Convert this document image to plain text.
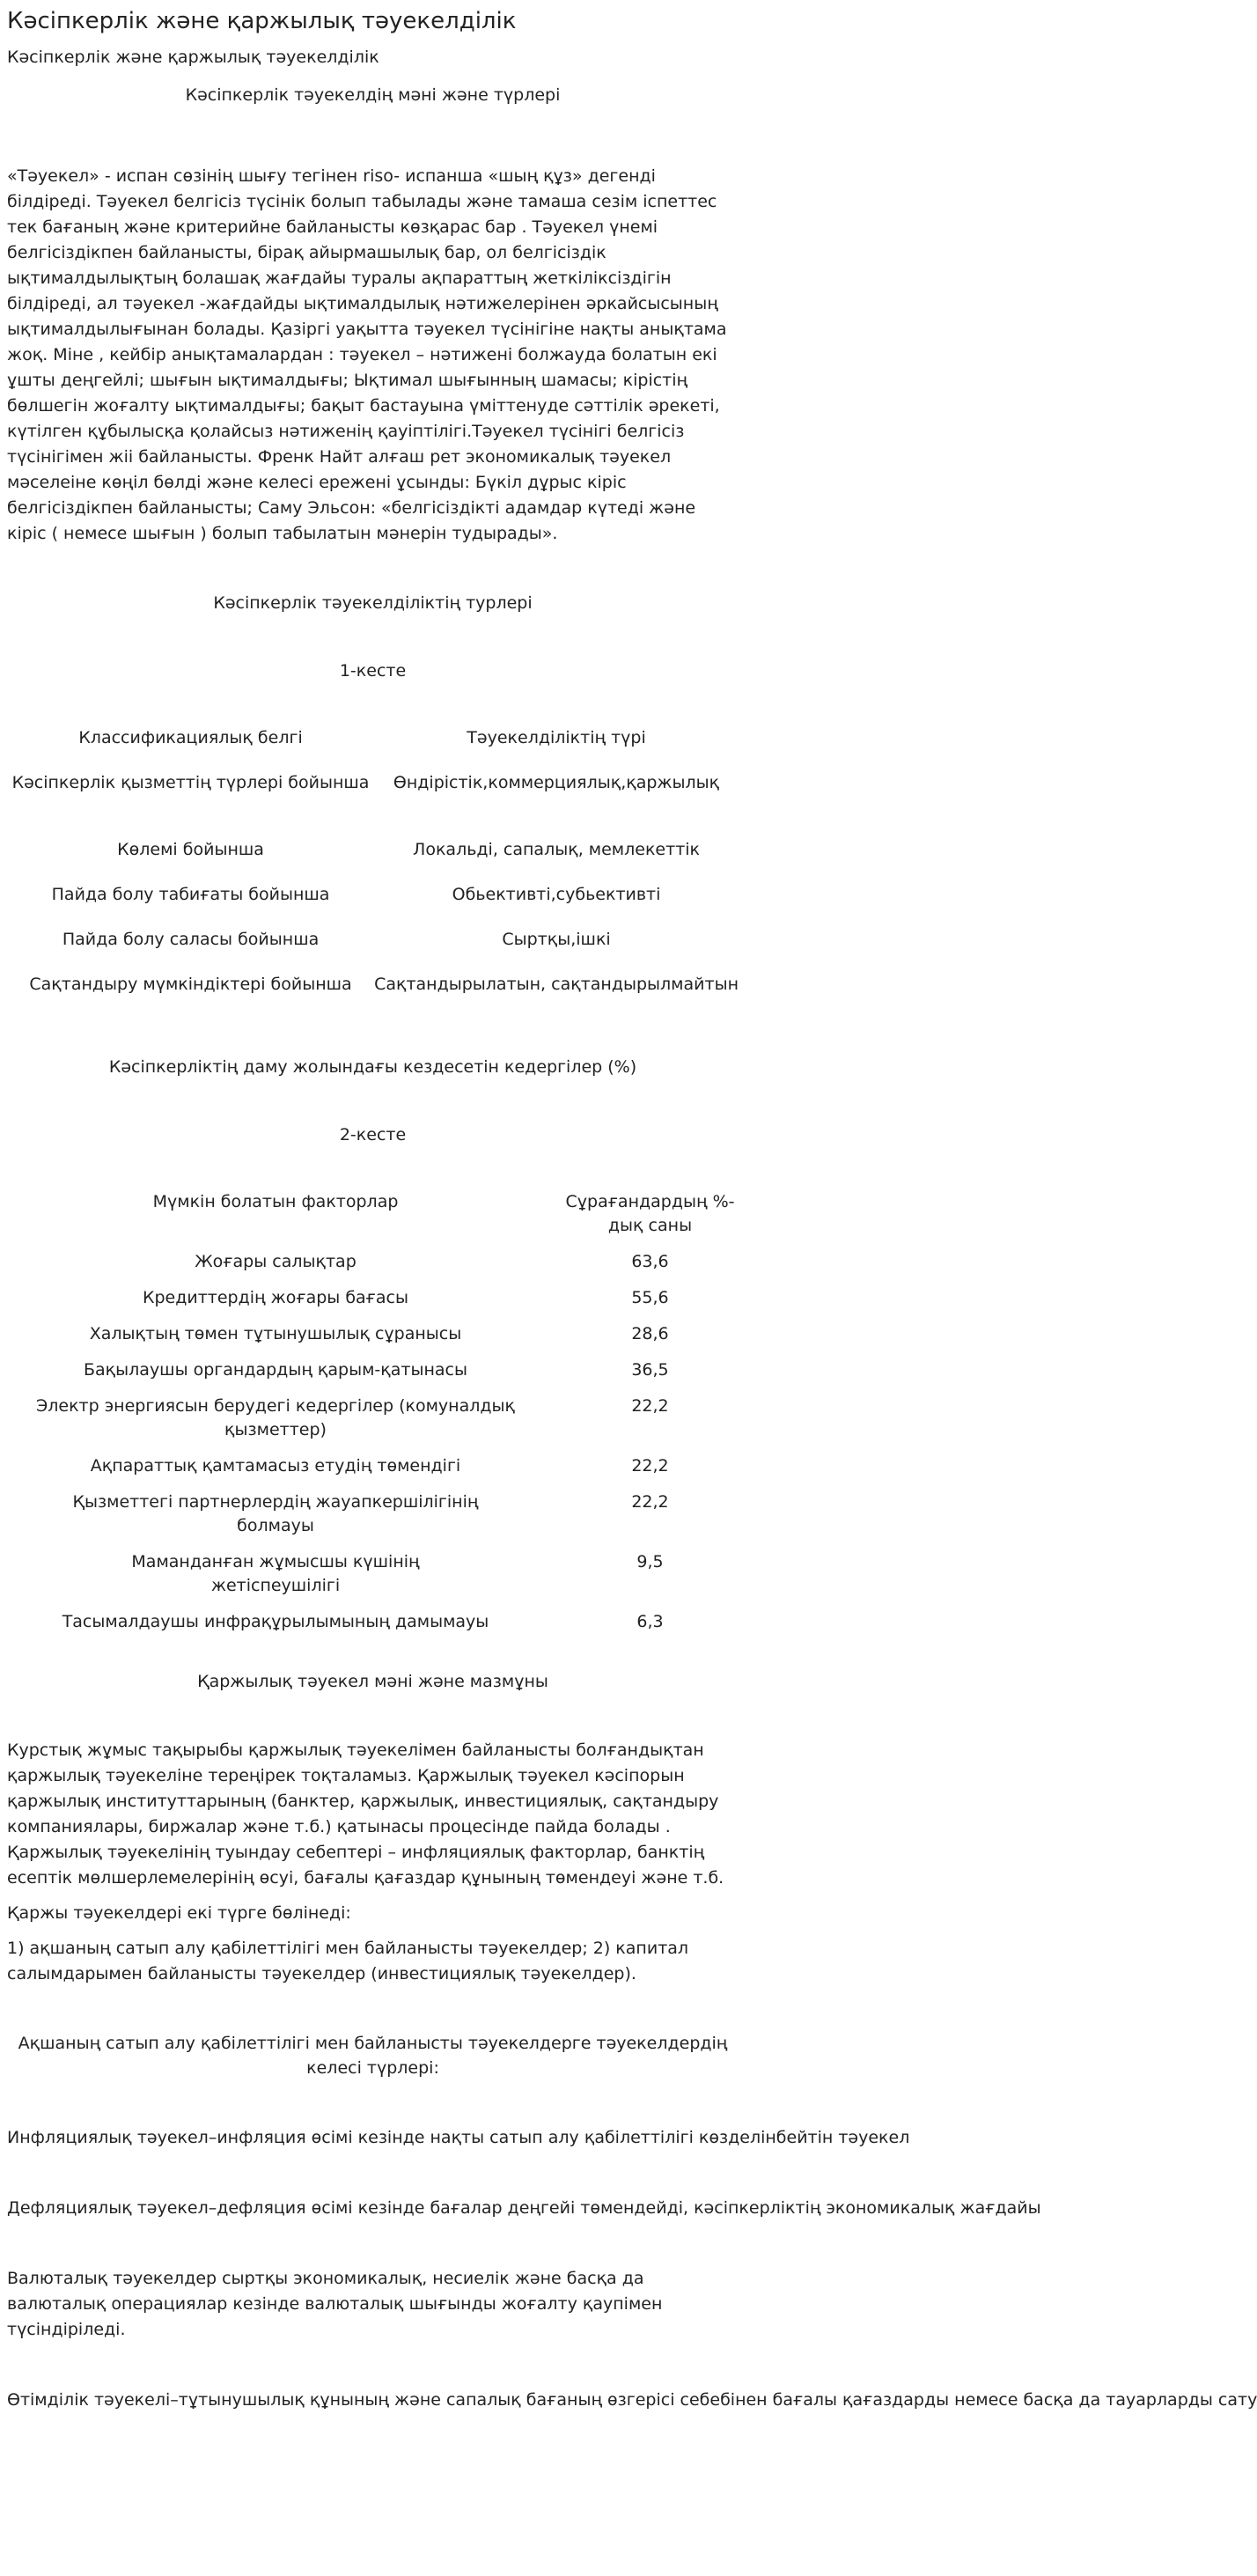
Кәсіпкерлік және қаржылық тәуекелділік
Кәсіпкерлік және қаржылық тәуекелділік
Кәсіпкерлік тәуекелдің мәні және түрлері

«Тәуекел» - испан сөзінің шығу тегінен riso- испанша «шың құз» дегенді білдіреді. Тәуекел белгісіз түсінік болып табылады және тамаша сезім іспеттес тек бағаның және критерийне байланысты көзқарас бар . Тәуекел үнемі белгісіздікпен байланысты, бірақ айырмашылық бар, ол белгісіздік ықтималдылықтың болашақ жағдайы туралы ақпараттың жеткіліксіздігін білдіреді, ал тәуекел -жағдайды ықтималдылық нәтижелерінен әркайсысының ықтималдылығынан болады. Қазіргі уақытта тәуекел түсінігіне нақты анықтама жоқ. Міне , кейбір анықтамалардан : тәуекел – нәтижені болжауда болатын екі ұшты деңгейлі; шығын ықтималдығы; Ықтимал шығынның шамасы; кірістің бөлшегін жоғалту ықтималдығы; бақыт бастауына үміттенуде сәттілік әрекеті, күтілген құбылысқа қолайсыз нәтиженің қауіптілігі.Тәуекел түсінігі белгісіз түсінігімен жіі байланысты. Френк Найт алғаш рет экономикалық тәуекел мәселеіне көңіл бөлді және келесі ережені ұсынды: Бүкіл дұрыс кіріс белгісіздікпен байланысты; Саму Эльсон: «белгісіздікті адамдар күтеді және кіріс ( немесе шығын ) болып табылатын мәнерін тудырады».

Кәсіпкерлік тәуекелділіктің турлері
1-кесте
Классификациялық белгі	Тәуекелділіктің түрі
Кәсіпкерлік қызметтің түрлері бойынша	Өндірістік,коммерциялық,қаржылық
Көлемі бойынша	Локальді, сапалық, мемлекеттік
Пайда болу табиғаты бойынша	Обьективті,субьективті
Пайда болу саласы бойынша	Сыртқы,ішкі
Сақтандыру мүмкіндіктері бойынша	Сақтандырылатын, сақтандырылмайтын
Кәсіпкерліктің даму жолындағы кездесетін кедергілер (%)
2-кесте
Мүмкін болатын факторлар	Сұрағандардың %- дық саны
Жоғары салықтар	63,6
Кредиттердің жоғары бағасы	55,6
Халықтың төмен тұтынушылық сұранысы	28,6
Бақылаушы органдардың қарым-қатынасы	36,5
Электр энергиясын берудегі кедергілер (комуналдық қызметтер)	22,2
Ақпараттық қамтамасыз етудің төмендігі	22,2
Қызметтегі партнерлердің жауапкершілігінің болмауы	22,2
Маманданған жұмысшы күшінің жетіспеушілігі	9,5
Тасымалдаушы инфрақұрылымының дамымауы	6,3
Қаржылық тәуекел мәні және мазмұны

Курстық жұмыс тақырыбы қаржылық тәуекелімен байланысты болғандықтан қаржылық тәуекеліне тереңірек тоқталамыз. Қаржылық тәуекел кәсіпорын қаржылық институттарының (банктер, қаржылық, инвестициялық, сақтандыру компаниялары, биржалар және т.б.) қатынасы процесінде пайда болады . Қаржылық тәуекелінің туындау себептері – инфляциялық факторлар, банктің есептік мөлшерлемелерінің өсуі, бағалы қағаздар құнының төмендеуі және т.б.

Қаржы тәуекелдері екі түрге бөлінеді:

1) ақшаның сатып алу қабілеттілігі мен байланысты тәуекелдер; 2) капитал салымдарымен байланысты тәуекелдер (инвестициялық тәуекелдер).

Ақшаның сатып алу қабілеттілігі мен байланысты тәуекелдерге тәуекелдердің келесі түрлері:

Инфляциялық тәуекел–инфляция өсімі кезінде нақты сатып алу қабілеттілігі көзделінбейтін тәуекел

Дефляциялық тәуекел–дефляция өсімі кезінде бағалар деңгейі төмендейді, кәсіпкерліктің экономикалық жағдайы

Валюталық тәуекелдер сыртқы экономикалық, несиелік және басқа да валюталық операциялар кезінде валюталық шығынды жоғалту қаупімен түсіндіріледі.

Өтімділік тәуекелі–тұтынушылық құнының және сапалық бағаның өзгерісі себебінен бағалы қағаздарды немесе басқа да тауарларды сату
